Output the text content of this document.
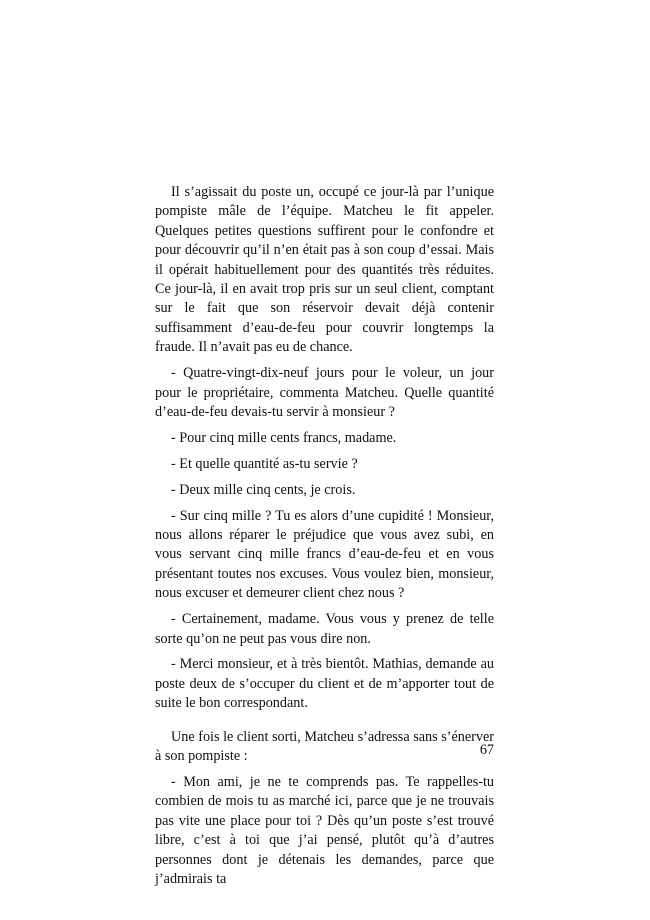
Il s’agissait du poste un, occupé ce jour-là par l’unique pompiste mâle de l’équipe. Matcheu le fit appeler. Quelques petites questions suffirent pour le confondre et pour découvrir qu’il n’en était pas à son coup d’essai. Mais il opérait habituellement pour des quantités très réduites. Ce jour-là, il en avait trop pris sur un seul client, comptant sur le fait que son réservoir devait déjà contenir suffisamment d’eau-de-feu pour couvrir longtemps la fraude. Il n’avait pas eu de chance.

- Quatre-vingt-dix-neuf jours pour le voleur, un jour pour le propriétaire, commenta Matcheu. Quelle quantité d’eau-de-feu devais-tu servir à monsieur ?

- Pour cinq mille cents francs, madame.

- Et quelle quantité as-tu servie ?

- Deux mille cinq cents, je crois.

- Sur cinq mille ? Tu es alors d’une cupidité ! Monsieur, nous allons réparer le préjudice que vous avez subi, en vous servant cinq mille francs d’eau-de-feu et en vous présentant toutes nos excuses. Vous voulez bien, monsieur, nous excuser et demeurer client chez nous ?

- Certainement, madame. Vous vous y prenez de telle sorte qu’on ne peut pas vous dire non.

- Merci monsieur, et à très bientôt. Mathias, demande au poste deux de s’occuper du client et de m’apporter tout de suite le bon correspondant.

Une fois le client sorti, Matcheu s’adressa sans s’énerver à son pompiste :

- Mon ami, je ne te comprends pas. Te rappelles-tu combien de mois tu as marché ici, parce que je ne trouvais pas vite une place pour toi ? Dès qu’un poste s’est trouvé libre, c’est à toi que j’ai pensé, plutôt qu’à d’autres personnes dont je détenais les demandes, parce que j’admirais ta

67
